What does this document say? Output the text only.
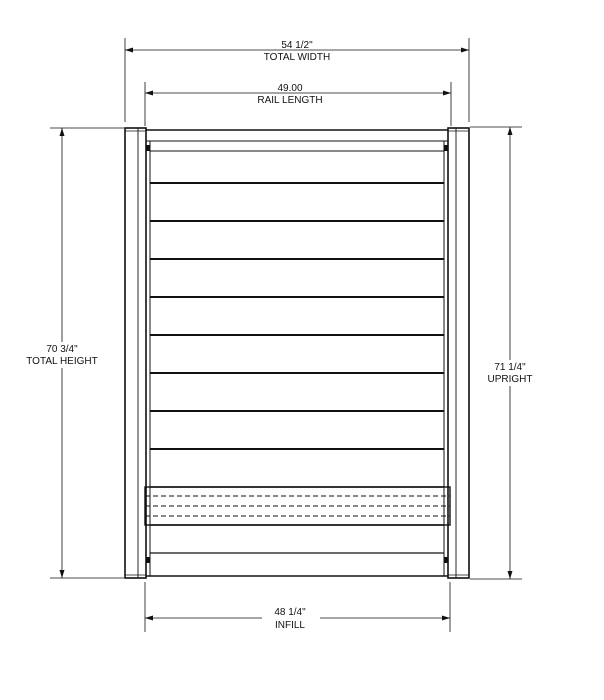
54 1/2"
TOTAL WIDTH
49.00
RAIL LENGTH
70 3/4"
TOTAL HEIGHT
71 1/4"
UPRIGHT
48 1/4"
INFILL
